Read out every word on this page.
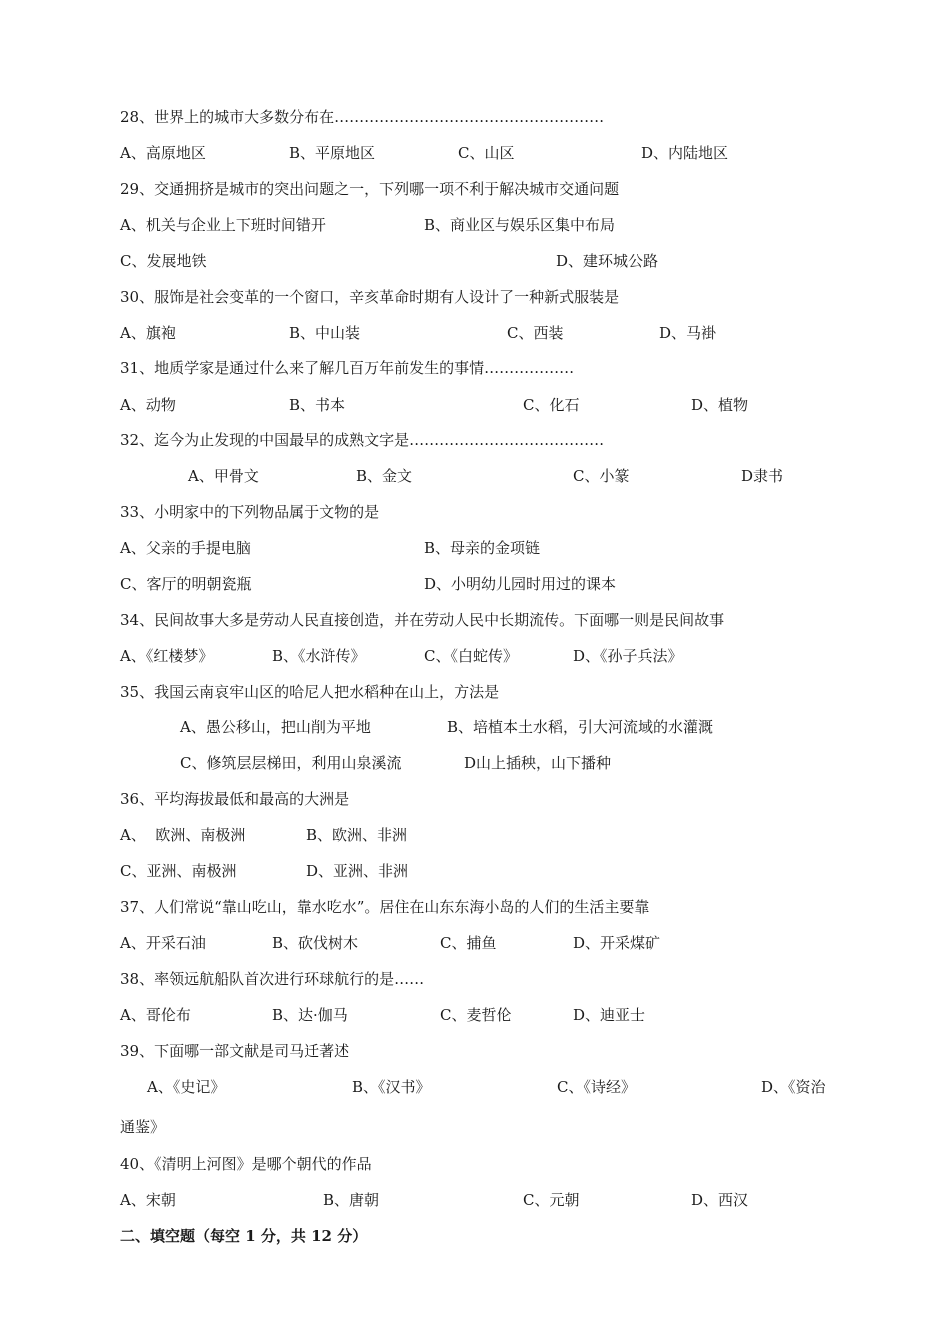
28、世界上的城市大多数分布在………………………………………………
A、高原地区	B、平原地区	C、山区	D、内陆地区
29、交通拥挤是城市的突出问题之一，下列哪一项不利于解决城市交通问题
A、机关与企业上下班时间错开	B、商业区与娱乐区集中布局
C、发展地铁	D、建环城公路
30、服饰是社会变革的一个窗口，辛亥革命时期有人设计了一种新式服装是
A、旗袍	B、中山装	C、西装	D、马褂
31、地质学家是通过什么来了解几百万年前发生的事情………………
A、动物	B、书本	C、化石	D、植物
32、迄今为止发现的中国最早的成熟文字是…………………………………
A、甲骨文	B、金文	C、小篆	D隶书
33、小明家中的下列物品属于文物的是
A、父亲的手提电脑	B、母亲的金项链
C、客厅的明朝瓷瓶	D、小明幼儿园时用过的课本
34、民间故事大多是劳动人民直接创造，并在劳动人民中长期流传。下面哪一则是民间故事
A、《红楼梦》	B、《水浒传》	C、《白蛇传》	D、《孙子兵法》
35、我国云南哀牢山区的哈尼人把水稻种在山上，方法是
A、愚公移山，把山削为平地	B、培植本土水稻，引大河流域的水灌溉
C、修筑层层梯田，利用山泉溪流	D山上插秧，山下播种
36、平均海拔最低和最高的大洲是
A、  欧洲、南极洲	B、欧洲、非洲
C、亚洲、南极洲	D、亚洲、非洲
37、人们常说“靠山吃山，靠水吃水”。居住在山东东海小岛的人们的生活主要靠
A、开采石油	B、砍伐树木	C、捕鱼	D、开采煤矿
38、率领远航船队首次进行环球航行的是……
A、哥伦布	B、达·伽马	C、麦哲伦	D、迪亚士
39、下面哪一部文献是司马迁著述
A、《史记》	B、《汉书》	C、《诗经》	D、《资治
通鉴》
40、《清明上河图》是哪个朝代的作品
A、宋朝	B、唐朝	C、元朝	D、西汉
二、填空题（每空 1 分，共 12 分）
